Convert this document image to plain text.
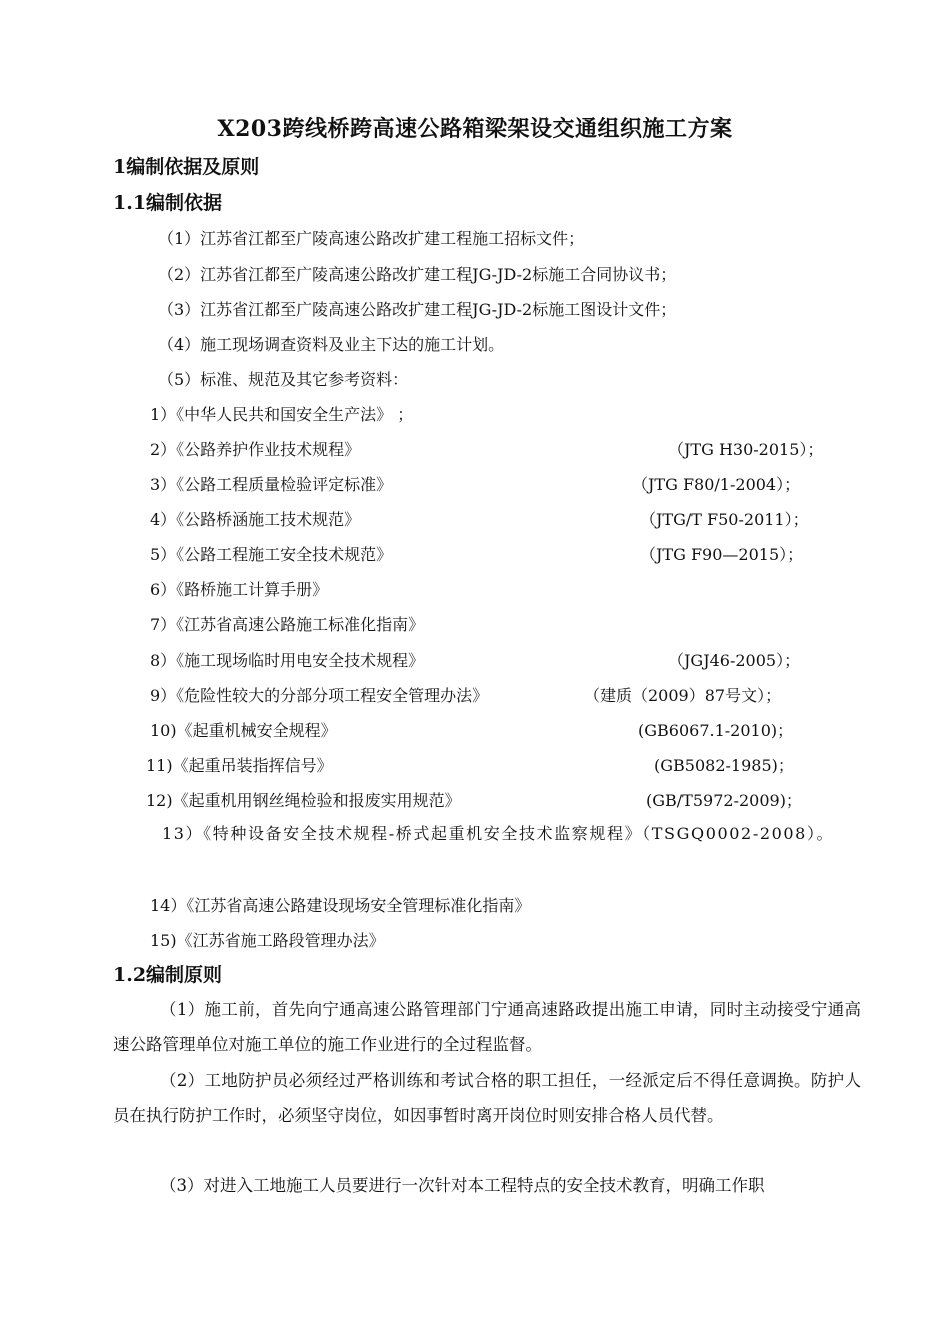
X203跨线桥跨高速公路箱梁架设交通组织施工方案
1编制依据及原则
1.1编制依据
（1）江苏省江都至广陵高速公路改扩建工程施工招标文件；
（2）江苏省江都至广陵高速公路改扩建工程JG-JD-2标施工合同协议书；
（3）江苏省江都至广陵高速公路改扩建工程JG-JD-2标施工图设计文件；
（4）施工现场调查资料及业主下达的施工计划。
（5）标准、规范及其它参考资料：
1）《中华人民共和国安全生产法》 ；
2）《公路养护作业技术规程》	（JTG H30-2015）；
3）《公路工程质量检验评定标准》	（JTG F80/1-2004）；
4）《公路桥涵施工技术规范》	（JTG/T F50-2011）；
5）《公路工程施工安全技术规范》	（JTG F90—2015）；
6）《路桥施工计算手册》
7）《江苏省高速公路施工标准化指南》
8）《施工现场临时用电安全技术规程》	（JGJ46-2005）；
9）《危险性较大的分部分项工程安全管理办法》	（建质（2009）87号文）；
10)《起重机械安全规程》	(GB6067.1-2010)；
11)《起重吊装指挥信号》	(GB5082-1985)；
12)《起重机用钢丝绳检验和报废实用规范》	(GB/T5972-2009)；
13）《特种设备安全技术规程-桥式起重机安全技术监察规程》（TSGQ0002-2008）。
14）《江苏省高速公路建设现场安全管理标准化指南》
15)《江苏省施工路段管理办法》
1.2编制原则
（1）施工前，首先向宁通高速公路管理部门宁通高速路政提出施工申请，同时主动接受宁通高速公路管理单位对施工单位的施工作业进行的全过程监督。
（2）工地防护员必须经过严格训练和考试合格的职工担任，一经派定后不得任意调换。防护人员在执行防护工作时，必须坚守岗位，如因事暂时离开岗位时则安排合格人员代替。
（3）对进入工地施工人员要进行一次针对本工程特点的安全技术教育，明确工作职
